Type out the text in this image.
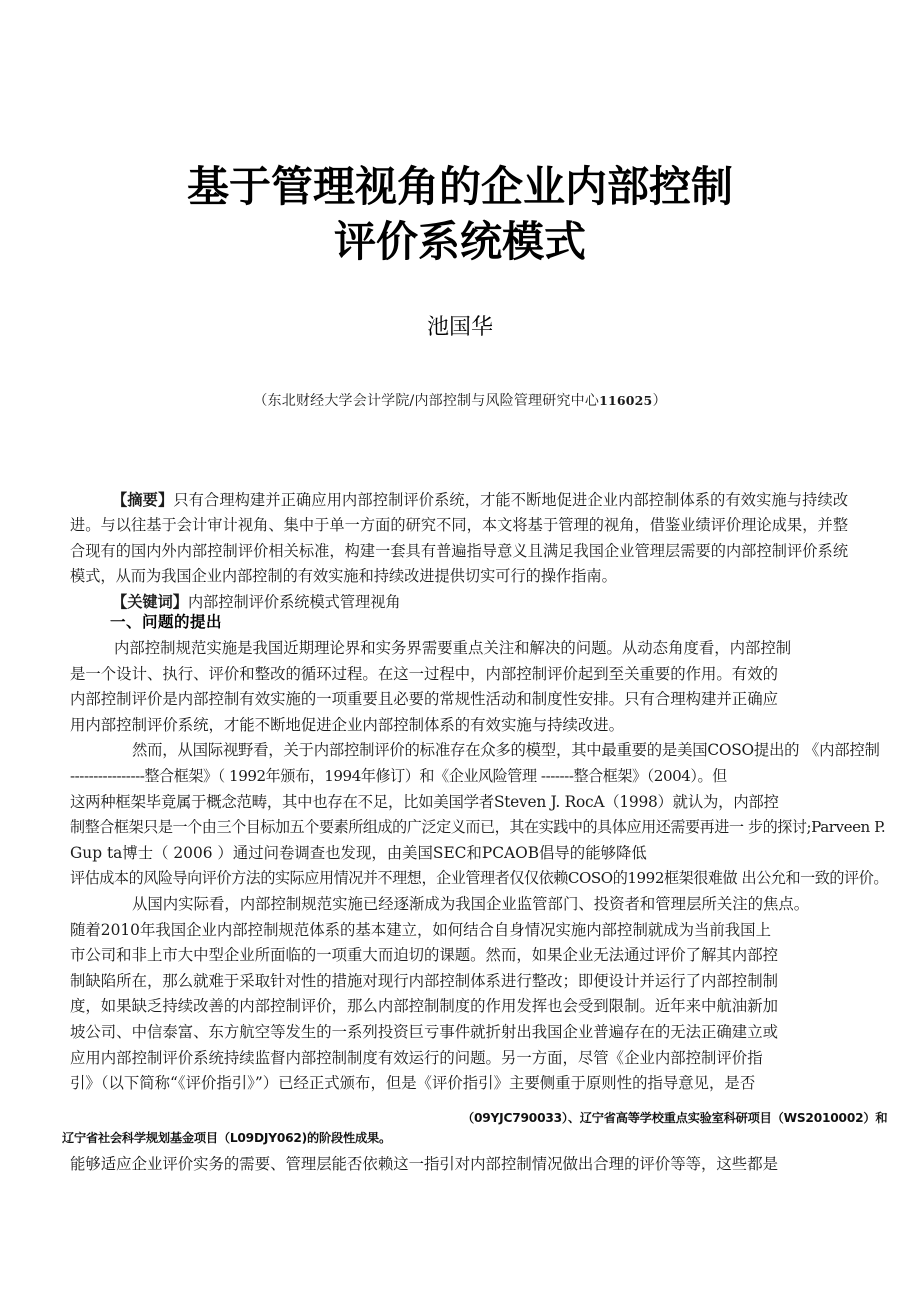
基于管理视角的企业内部控制
评价系统模式
池国华
（东北财经大学会计学院/内部控制与风险管理研究中心116025）

【摘要】只有合理构建并正确应用内部控制评价系统，才能不断地促进企业内部控制体系的有效实施与持续改进。与以往基于会计审计视角、集中于单一方面的研究不同，本文将基于管理的视角，借鉴业绩评价理论成果，并整合现有的国内外内部控制评价相关标准，构建一套具有普遍指导意义且满足我国企业管理层需要的内部控制评价系统模式，从而为我国企业内部控制的有效实施和持续改进提供切实可行的操作指南。

【关键词】内部控制评价系统模式管理视角

一、问题的提出
内部控制规范实施是我国近期理论界和实务界需要重点关注和解决的问题。从动态角度看，内部控制
是一个设计、执行、评价和整改的循环过程。在这一过程中，内部控制评价起到至关重要的作用。有效的
内部控制评价是内部控制有效实施的一项重要且必要的常规性活动和制度性安排。只有合理构建并正确应
用内部控制评价系统，才能不断地促进企业内部控制体系的有效实施与持续改进。
然而，从国际视野看，关于内部控制评价的标准存在众多的模型，其中最重要的是美国COSO提出的 《内部控制
----------------整合框架》（ 1992年颁布，1994年修订）和《企业风险管理 -------整合框架》（2004）。但
这两种框架毕竟属于概念范畴，其中也存在不足，比如美国学者Steven J. RocA（1998）就认为，内部控
制整合框架只是一个由三个目标加五个要素所组成的广泛定义而已，其在实践中的具体应用还需要再进一 步的探讨;Parveen P.
Gup ta博士（ 2006 ）通过问卷调查也发现，由美国SEC和PCAOB倡导的能够降低
评估成本的风险导向评价方法的实际应用情况并不理想，企业管理者仅仅依赖COSO的1992框架很难做 出公允和一致的评价。
从国内实际看，内部控制规范实施已经逐渐成为我国企业监管部门、投资者和管理层所关注的焦点。
随着2010年我国企业内部控制规范体系的基本建立，如何结合自身情况实施内部控制就成为当前我国上
市公司和非上市大中型企业所面临的一项重大而迫切的课题。然而，如果企业无法通过评价了解其内部控
制缺陷所在，那么就难于采取针对性的措施对现行内部控制体系进行整改；即便设计并运行了内部控制制
度，如果缺乏持续改善的内部控制评价，那么内部控制制度的作用发挥也会受到限制。近年来中航油新加
坡公司、中信泰富、东方航空等发生的一系列投资巨亏事件就折射出我国企业普遍存在的无法正确建立或
应用内部控制评价系统持续监督内部控制制度有效运行的问题。另一方面，尽管《企业内部控制评价指
引》（以下简称“《评价指引》”）已经正式颁布，但是《评价指引》主要侧重于原则性的指导意见，是否
（09YJC790033）、辽宁省高等学校重点实验室科研项目（WS2010002）和
辽宁省社会科学规划基金项目（L09DJY062)的阶段性成果。
能够适应企业评价实务的需要、管理层能否依赖这一指引对内部控制情况做出合理的评价等等，这些都是
